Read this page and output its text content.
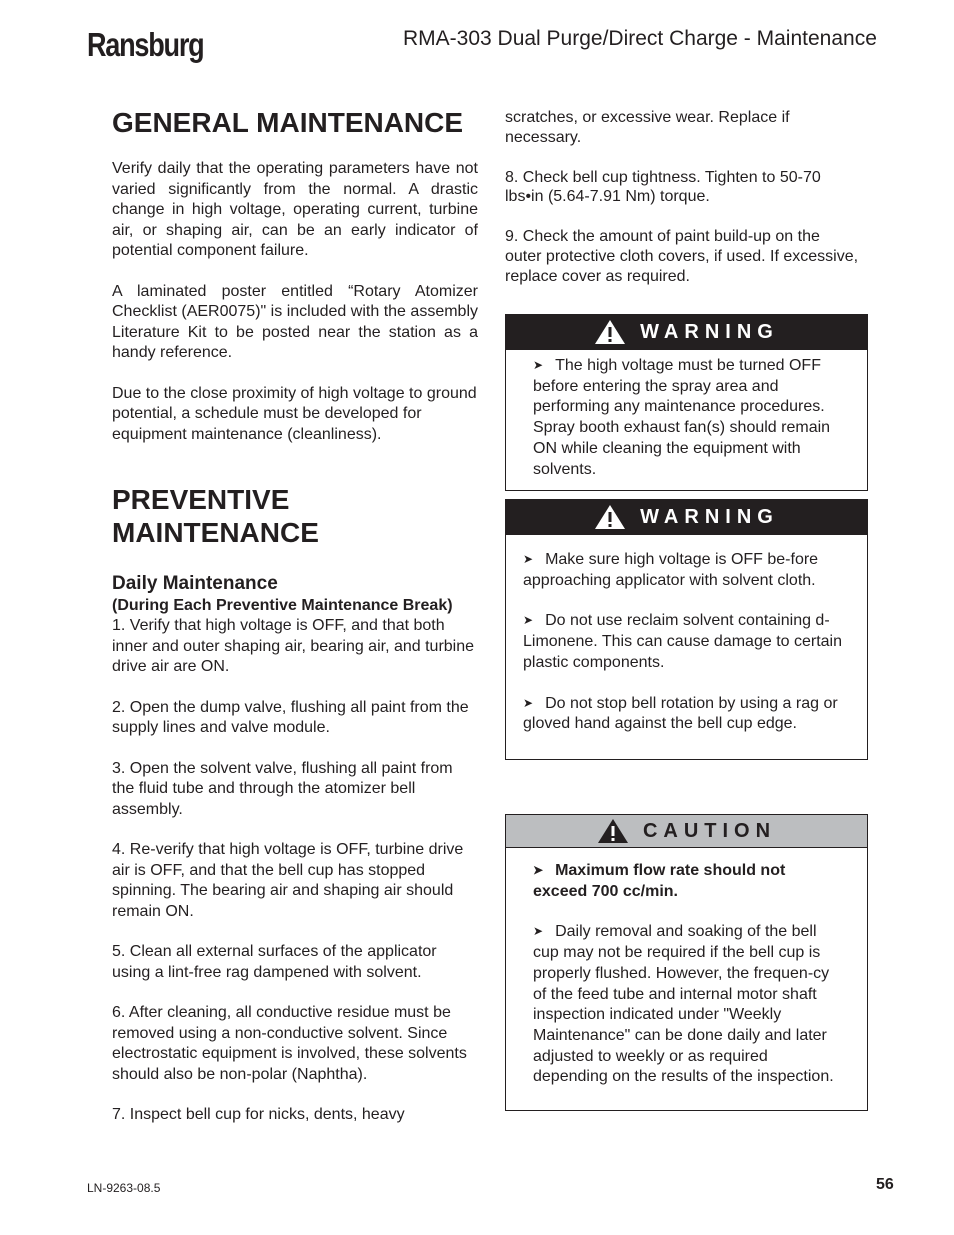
Ransburg	RMA-303 Dual Purge/Direct Charge - Maintenance
GENERAL MAINTENANCE

Verify daily that the operating parameters have not varied significantly from the normal. A drastic change in high voltage, operating current, turbine air, or shaping air, can be an early indicator of potential component failure.

A laminated poster entitled “Rotary Atomizer Checklist (AER0075)" is included with the assembly Literature Kit to be posted near the station as a handy reference.

Due to the close proximity of high voltage to ground potential, a schedule must be developed for equipment maintenance (cleanliness).

PREVENTIVE MAINTENANCE
Daily Maintenance
(During Each Preventive Maintenance Break)

1. Verify that high voltage is OFF, and that both inner and outer shaping air, bearing air, and turbine drive air are ON.

2. Open the dump valve, flushing all paint from the supply lines and valve module.

3. Open the solvent valve, flushing all paint from the fluid tube and through the atomizer bell assembly.

4. Re-verify that high voltage is OFF, turbine drive air is OFF, and that the bell cup has stopped spinning. The bearing air and shaping air should remain ON.

5. Clean all external surfaces of the applicator using a lint-free rag dampened with solvent.

6. After cleaning, all conductive residue must be removed using a non-conductive solvent. Since electrostatic equipment is involved, these solvents should also be non-polar (Naphtha).

7. Inspect bell cup for nicks, dents, heavy

scratches, or excessive wear. Replace if necessary.

8. Check bell cup tightness. Tighten to 50-70 lbs•in (5.64-7.91 Nm) torque.

9. Check the amount of paint build-up on the outer protective cloth covers, if used. If excessive, replace cover as required.

WARNING

➤ The high voltage must be turned OFF before entering the spray area and performing any maintenance procedures. Spray booth exhaust fan(s) should remain ON while cleaning the equipment with solvents.

WARNING

➤ Make sure high voltage is OFF be-fore approaching applicator with solvent cloth.

➤ Do not use reclaim solvent containing d-Limonene. This can cause damage to certain plastic components.

➤ Do not stop bell rotation by using a rag or gloved hand against the bell cup edge.

CAUTION

➤ Maximum flow rate should not exceed 700 cc/min.

➤ Daily removal and soaking of the bell cup may not be required if the bell cup is properly flushed. However, the frequen-cy of the feed tube and internal motor shaft inspection indicated under "Weekly Maintenance" can be done daily and later adjusted to weekly or as required depending on the results of the inspection.

LN-9263-08.5	56
